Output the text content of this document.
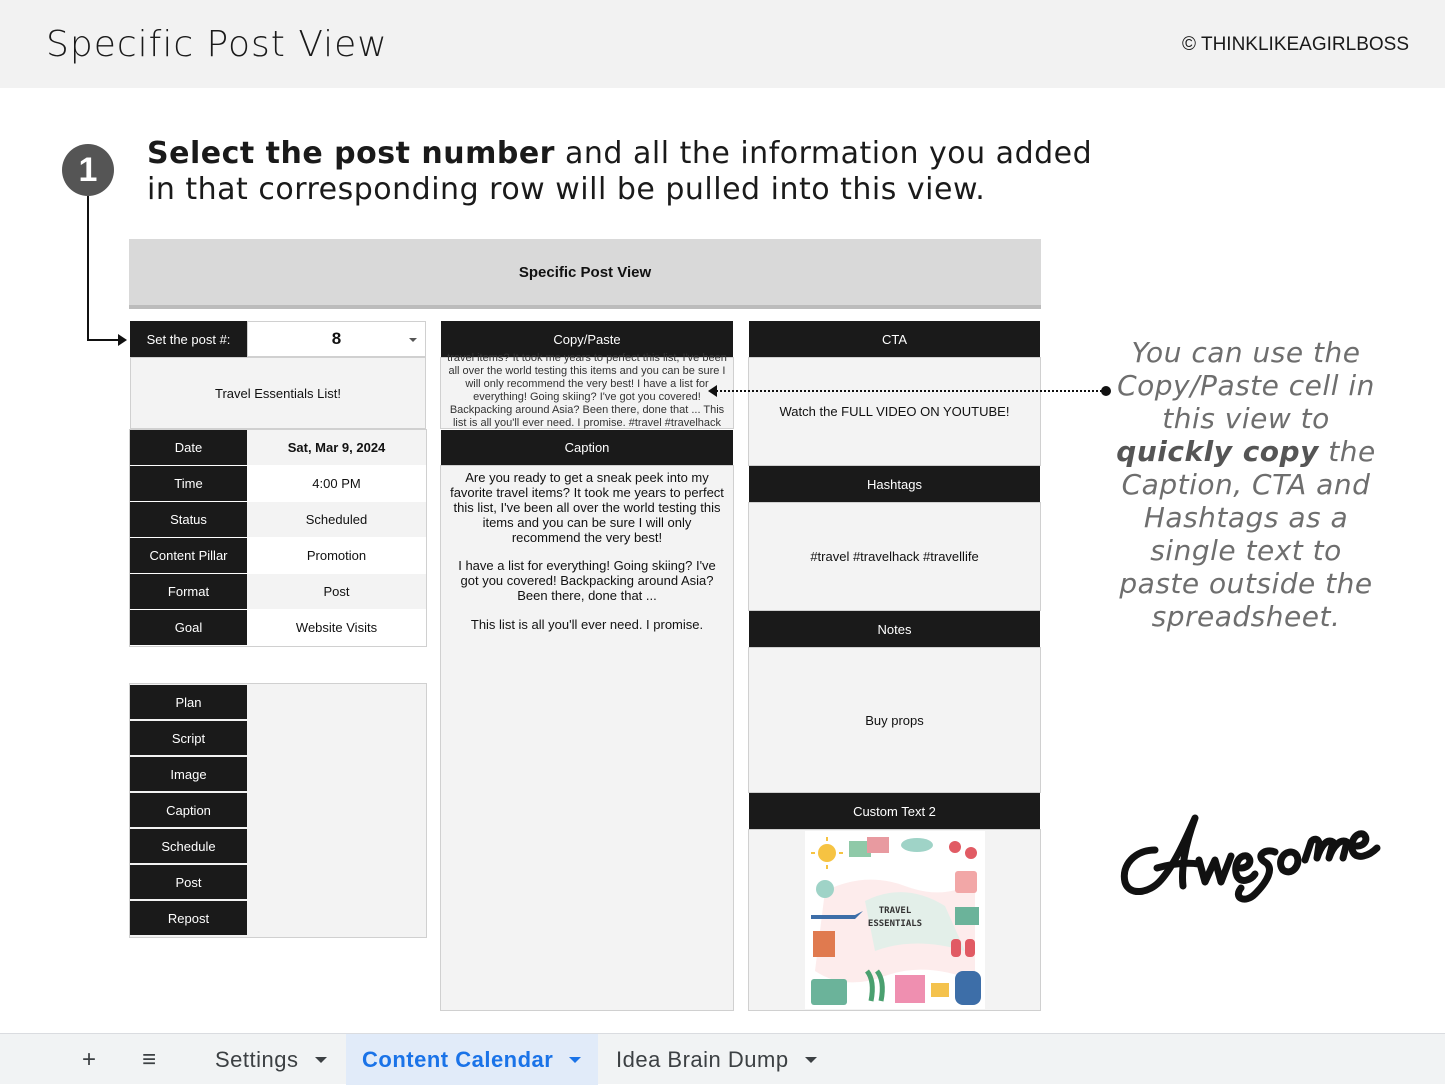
Specific Post View	© THINKLIKEAGIRLBOSS
1	Select the post number and all the information you added in that corresponding row will be pulled into this view.
Specific Post View
Set the post #:	8
Travel Essentials List!
Date	Sat, Mar 9, 2024
Time	4:00 PM
Status	Scheduled
Content Pillar	Promotion
Format	Post
Goal	Website Visits
Plan
Script
Image
Caption
Schedule
Post
Repost
Copy/Paste
travel items? It took me years to perfect this list, I've been all over the world testing this items and you can be sure I will only recommend the very best! I have a list for everything! Going skiing? I've got you covered! Backpacking around Asia? Been there, done that ... This list is all you'll ever need. I promise. #travel #travelhack
Caption
Are you ready to get a sneak peek into my favorite travel items? It took me years to perfect this list, I've been all over the world testing this items and you can be sure I will only recommend the very best!
I have a list for everything! Going skiing? I've got you covered! Backpacking around Asia? Been there, done that ...
This list is all you'll ever need. I promise.
CTA
Watch the FULL VIDEO ON YOUTUBE!
Hashtags
#travel #travelhack #travellife
Notes
Buy props
Custom Text 2
TRAVEL
ESSENTIALS
You can use the Copy/Paste cell in this view to quickly copy the Caption, CTA and Hashtags as a single text to paste outside the spreadsheet.
+ ≡	Settings	Content Calendar	Idea Brain Dump
